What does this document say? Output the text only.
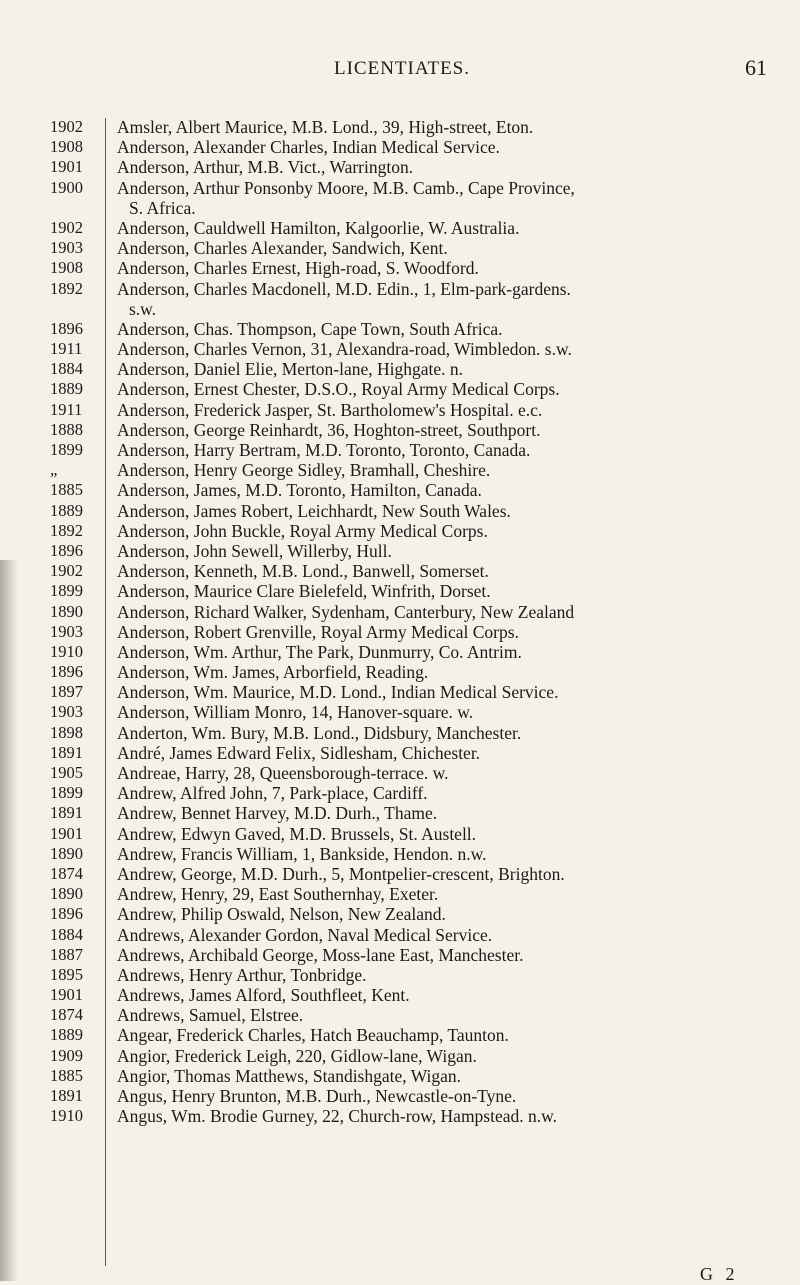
LICENTIATES.	61
1902	Amsler, Albert Maurice, M.B. Lond., 39, High-street, Eton.
1908	Anderson, Alexander Charles, Indian Medical Service.
1901	Anderson, Arthur, M.B. Vict., Warrington.
1900	Anderson, Arthur Ponsonby Moore, M.B. Camb., Cape Province,
S. Africa.
1902	Anderson, Cauldwell Hamilton, Kalgoorlie, W. Australia.
1903	Anderson, Charles Alexander, Sandwich, Kent.
1908	Anderson, Charles Ernest, High-road, S. Woodford.
1892	Anderson, Charles Macdonell, M.D. Edin., 1, Elm-park-gardens.
s.w.
1896	Anderson, Chas. Thompson, Cape Town, South Africa.
1911	Anderson, Charles Vernon, 31, Alexandra-road, Wimbledon. s.w.
1884	Anderson, Daniel Elie, Merton-lane, Highgate. n.
1889	Anderson, Ernest Chester, D.S.O., Royal Army Medical Corps.
1911	Anderson, Frederick Jasper, St. Bartholomew's Hospital. e.c.
1888	Anderson, George Reinhardt, 36, Hoghton-street, Southport.
1899	Anderson, Harry Bertram, M.D. Toronto, Toronto, Canada.
„	Anderson, Henry George Sidley, Bramhall, Cheshire.
1885	Anderson, James, M.D. Toronto, Hamilton, Canada.
1889	Anderson, James Robert, Leichhardt, New South Wales.
1892	Anderson, John Buckle, Royal Army Medical Corps.
1896	Anderson, John Sewell, Willerby, Hull.
1902	Anderson, Kenneth, M.B. Lond., Banwell, Somerset.
1899	Anderson, Maurice Clare Bielefeld, Winfrith, Dorset.
1890	Anderson, Richard Walker, Sydenham, Canterbury, New Zealand
1903	Anderson, Robert Grenville, Royal Army Medical Corps.
1910	Anderson, Wm. Arthur, The Park, Dunmurry, Co. Antrim.
1896	Anderson, Wm. James, Arborfield, Reading.
1897	Anderson, Wm. Maurice, M.D. Lond., Indian Medical Service.
1903	Anderson, William Monro, 14, Hanover-square. w.
1898	Anderton, Wm. Bury, M.B. Lond., Didsbury, Manchester.
1891	André, James Edward Felix, Sidlesham, Chichester.
1905	Andreae, Harry, 28, Queensborough-terrace. w.
1899	Andrew, Alfred John, 7, Park-place, Cardiff.
1891	Andrew, Bennet Harvey, M.D. Durh., Thame.
1901	Andrew, Edwyn Gaved, M.D. Brussels, St. Austell.
1890	Andrew, Francis William, 1, Bankside, Hendon. n.w.
1874	Andrew, George, M.D. Durh., 5, Montpelier-crescent, Brighton.
1890	Andrew, Henry, 29, East Southernhay, Exeter.
1896	Andrew, Philip Oswald, Nelson, New Zealand.
1884	Andrews, Alexander Gordon, Naval Medical Service.
1887	Andrews, Archibald George, Moss-lane East, Manchester.
1895	Andrews, Henry Arthur, Tonbridge.
1901	Andrews, James Alford, Southfleet, Kent.
1874	Andrews, Samuel, Elstree.
1889	Angear, Frederick Charles, Hatch Beauchamp, Taunton.
1909	Angior, Frederick Leigh, 220, Gidlow-lane, Wigan.
1885	Angior, Thomas Matthews, Standishgate, Wigan.
1891	Angus, Henry Brunton, M.B. Durh., Newcastle-on-Tyne.
1910	Angus, Wm. Brodie Gurney, 22, Church-row, Hampstead. n.w.
G 2
